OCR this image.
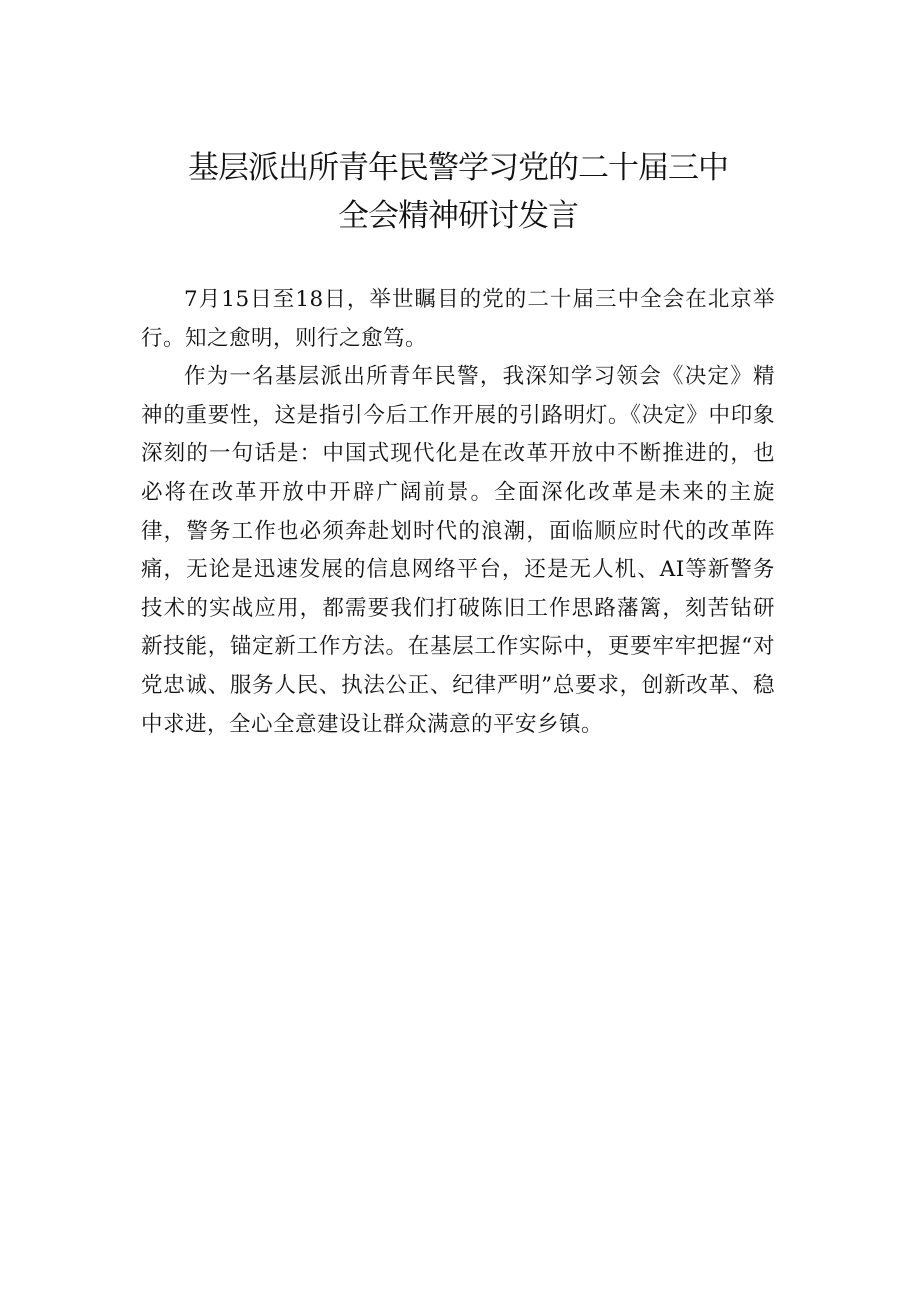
基层派出所青年民警学习党的二十届三中
全会精神研讨发言

7月15日至18日，举世瞩目的党的二十届三中全会在北京举行。知之愈明，则行之愈笃。

作为一名基层派出所青年民警，我深知学习领会《决定》精神的重要性，这是指引今后工作开展的引路明灯。《决定》中印象深刻的一句话是：中国式现代化是在改革开放中不断推进的，也必将在改革开放中开辟广阔前景。全面深化改革是未来的主旋律，警务工作也必须奔赴划时代的浪潮，面临顺应时代的改革阵痛，无论是迅速发展的信息网络平台，还是无人机、AI等新警务技术的实战应用，都需要我们打破陈旧工作思路藩篱，刻苦钻研新技能，锚定新工作方法。在基层工作实际中，更要牢牢把握“对党忠诚、服务人民、执法公正、纪律严明”总要求，创新改革、稳中求进，全心全意建设让群众满意的平安乡镇。
